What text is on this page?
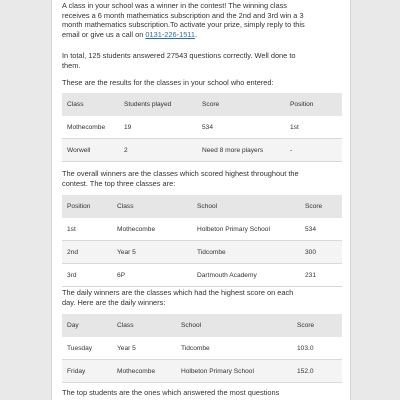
A class in your school was a winner in the contest! The winning class

receives a 6 month mathematics subscription and the 2nd and 3rd win a 3

month mathematics subscription.To activate your prize, simply reply to this

email or give us a call on 0131-226-1511.

In total, 125 students answered 27543 questions correctly. Well done to

them.

These are the results for the classes in your school who entered:

Class	Students played	Score	Position
Mothecombe	19	534	1st
Worwell	2	Need 8 more players	-

The overall winners are the classes which scored highest throughout the

contest. The top three classes are:

Position	Class	School	Score
1st	Mothecombe	Holbeton Primary School	534
2nd	Year 5	Tidcombe	300
3rd	6P	Dartmouth Academy	231

The daily winners are the classes which had the highest score on each

day. Here are the daily winners:

Day	Class	School	Score
Tuesday	Year 5	Tidcombe	103.0
Friday	Mothecombe	Holbeton Primary School	152.0

The top students are the ones which answered the most questions
